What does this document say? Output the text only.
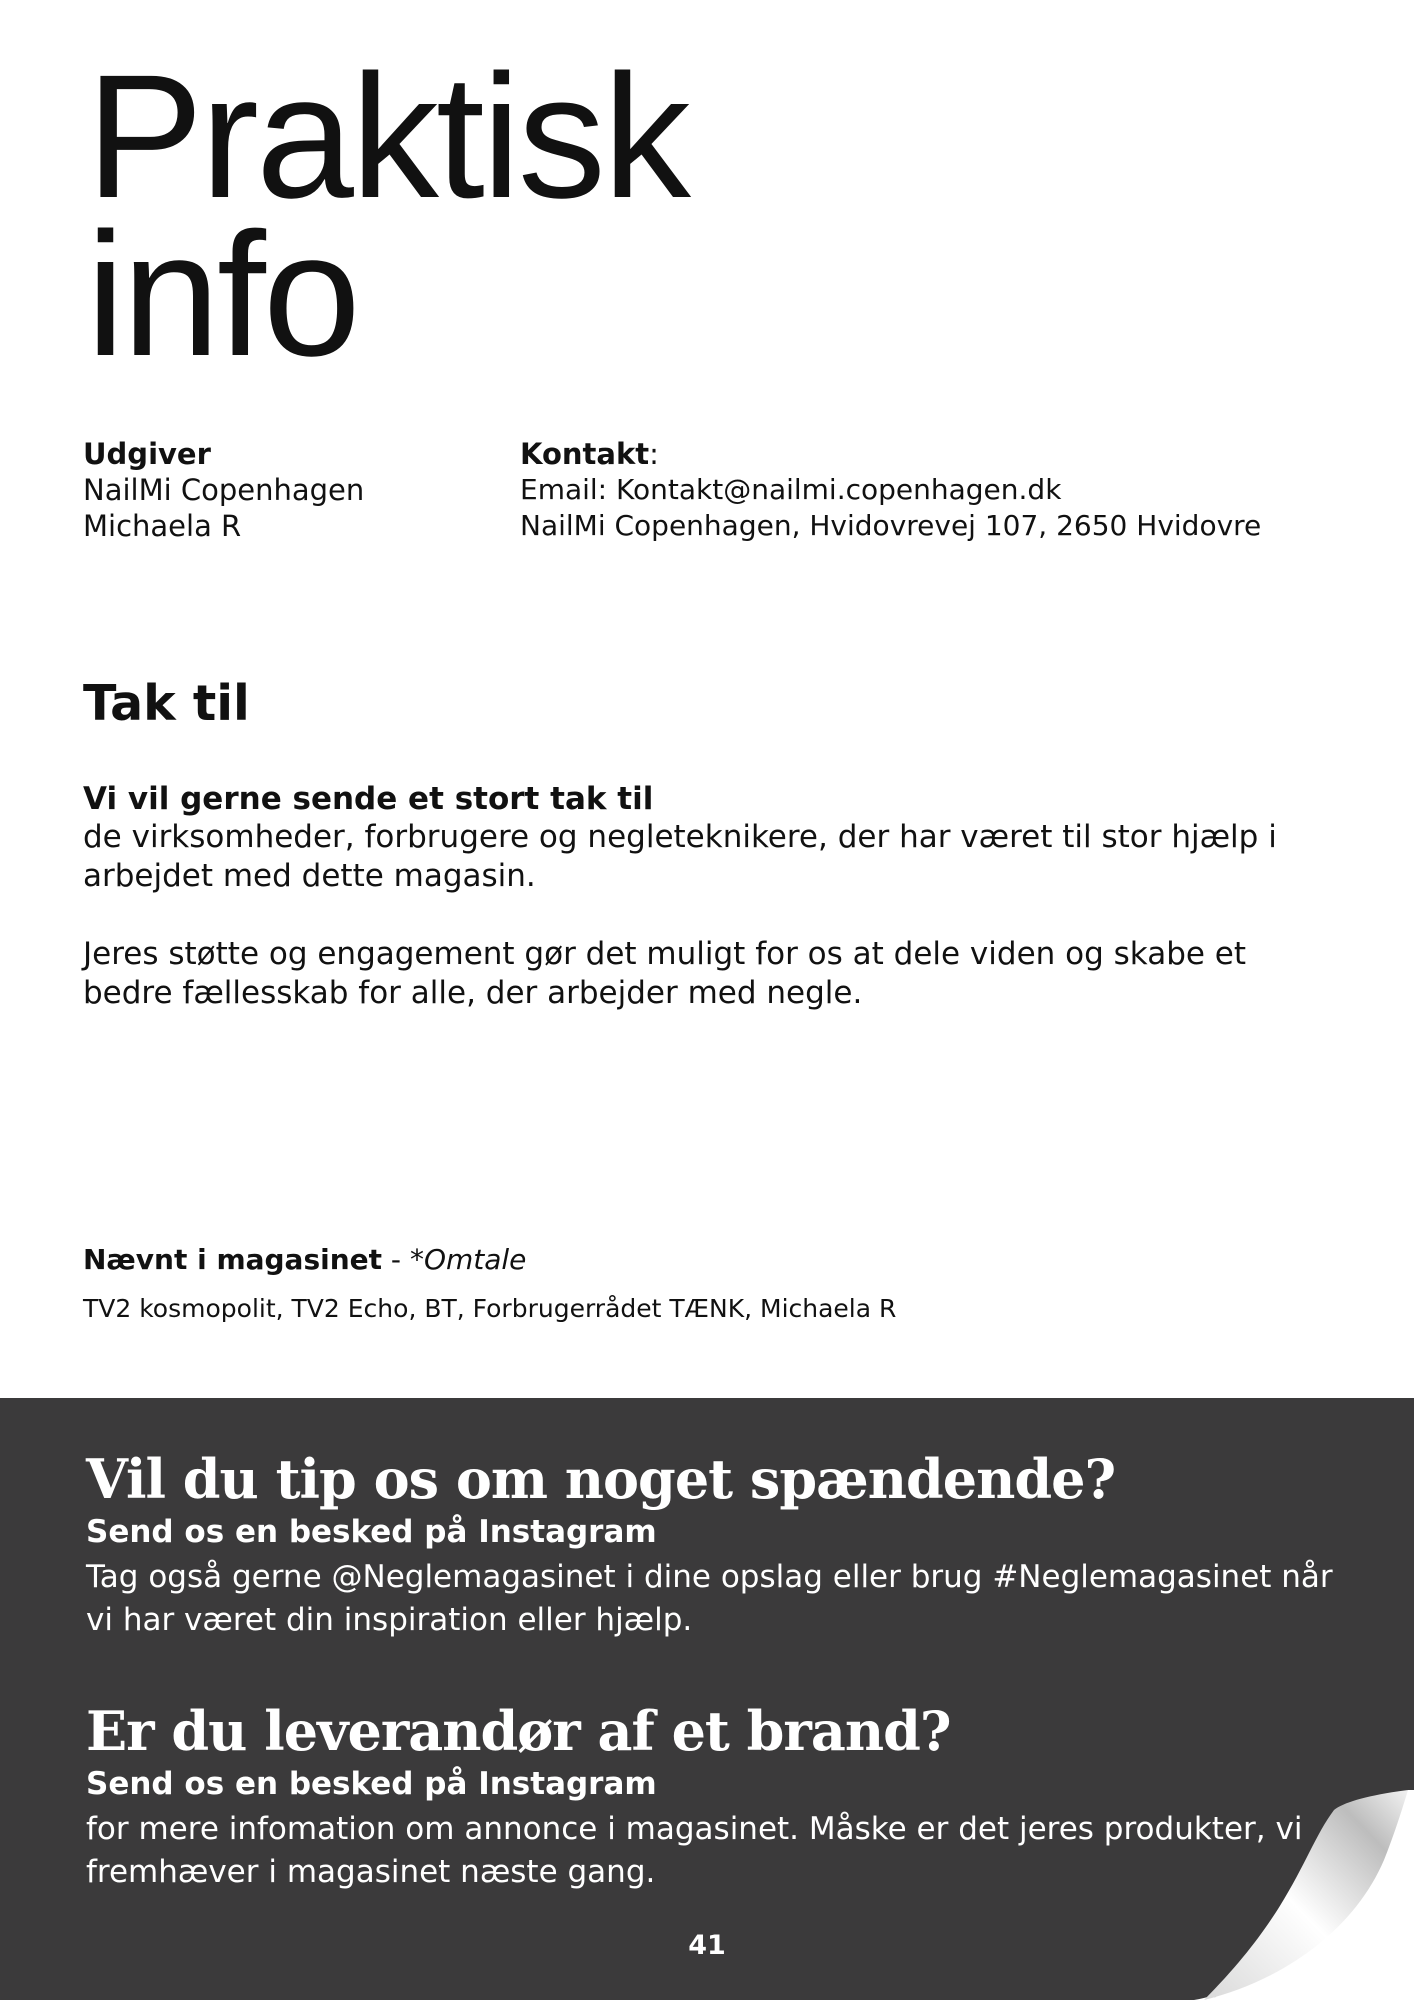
Praktisk
info
Udgiver
NailMi Copenhagen
Michaela R
Kontakt:
Email: Kontakt@nailmi.copenhagen.dk
NailMi Copenhagen, Hvidovrevej 107, 2650 Hvidovre
Tak til
Vi vil gerne sende et stort tak til

de virksomheder, forbrugere og negleteknikere, der har været til stor hjælp i arbejdet med dette magasin.

Jeres støtte og engagement gør det muligt for os at dele viden og skabe et bedre fællesskab for alle, der arbejder med negle.

Nævnt i magasinet - *Omtale
TV2 kosmopolit, TV2 Echo, BT, Forbrugerrådet TÆNK, Michaela R
Vil du tip os om noget spændende?
Send os en besked på Instagram
Tag også gerne @Neglemagasinet i dine opslag eller brug #Neglemagasinet når vi har været din inspiration eller hjælp.
Er du leverandør af et brand?
Send os en besked på Instagram
for mere infomation om annonce i magasinet. Måske er det jeres produkter, vi fremhæver i magasinet næste gang.
41
